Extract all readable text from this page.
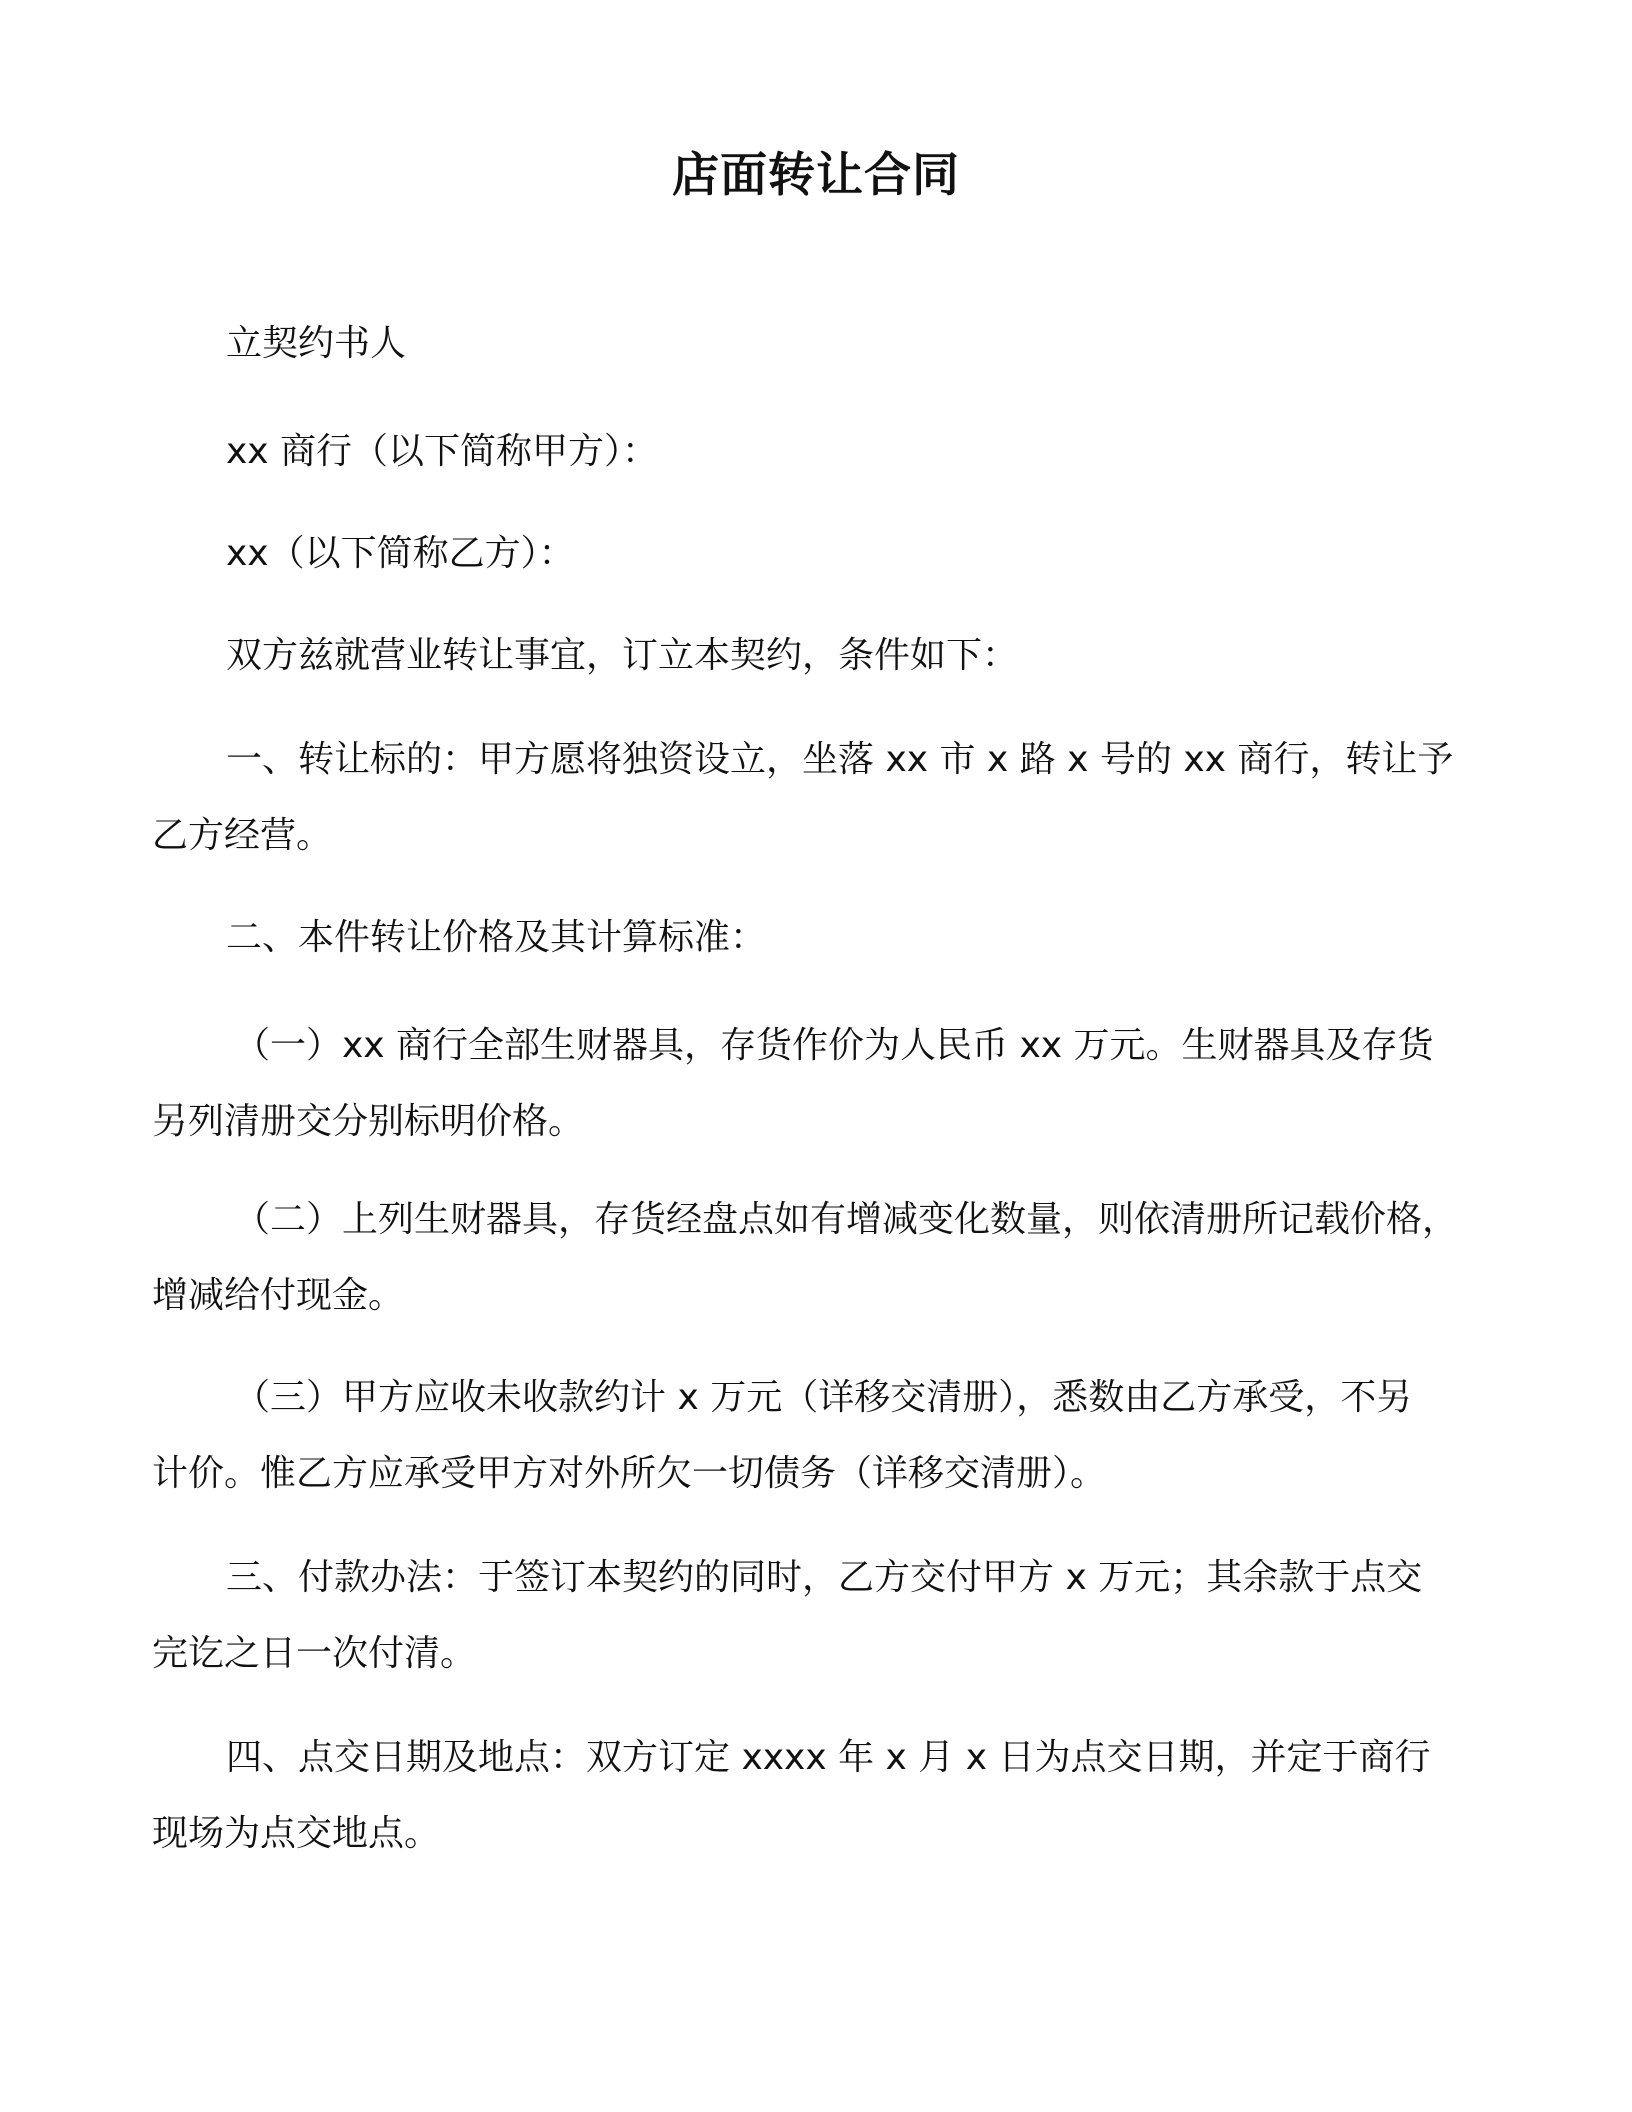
店面转让合同

立契约书人

xx 商行（以下简称甲方）：

xx（以下简称乙方）：

双方兹就营业转让事宜，订立本契约，条件如下：

一、转让标的：甲方愿将独资设立，坐落 xx 市 x 路 x 号的 xx 商行，转让予
乙方经营。

二、本件转让价格及其计算标准：

（一）xx 商行全部生财器具，存货作价为人民币 xx 万元。生财器具及存货
另列清册交分别标明价格。

（二）上列生财器具，存货经盘点如有增减变化数量，则依清册所记载价格，
增减给付现金。

（三）甲方应收未收款约计 x 万元（详移交清册），悉数由乙方承受，不另
计价。惟乙方应承受甲方对外所欠一切债务（详移交清册）。

三、付款办法：于签订本契约的同时，乙方交付甲方 x 万元；其余款于点交
完讫之日一次付清。

四、点交日期及地点：双方订定 xxxx 年 x 月 x 日为点交日期，并定于商行
现场为点交地点。
